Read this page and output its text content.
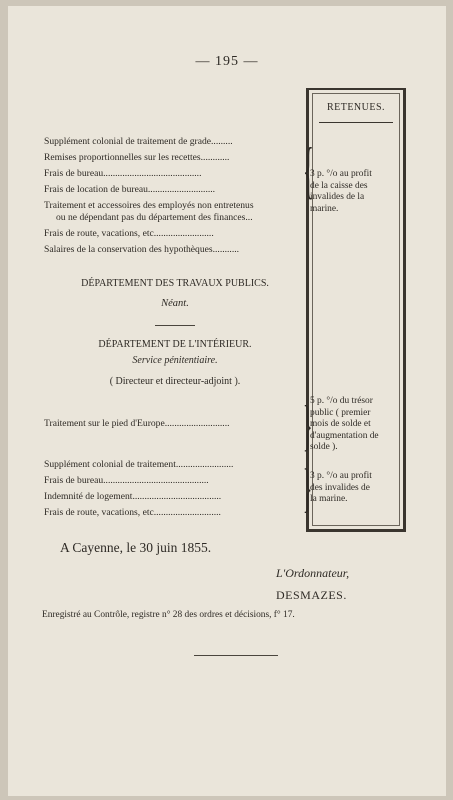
— 195 —
RETENUES.
Supplément colonial de traitement de grade.........
Remises proportionnelles sur les recettes............
Frais de bureau.........................................
Frais de location de bureau............................
Traitement et accessoires des employés non entretenus
ou ne dépendant pas du département des finances...
Frais de route, vacations, etc.........................
Salaires de la conservation des hypothèques...........
{
3 p. °/o au profit
de la caisse des
invalides de la
marine.
DÉPARTEMENT DES TRAVAUX PUBLICS.
Néant.
DÉPARTEMENT DE L'INTÉRIEUR.
Service pénitentiaire.
( Directeur et directeur-adjoint ).
Traitement sur le pied d'Europe...........................	}
5 p. °/o du trésor
public ( premier
mois de solde et
d'augmentation de
solde ).
Supplément colonial de traitement........................
Frais de bureau............................................
Indemnité de logement.....................................
Frais de route, vacations, etc............................	}
3 p. °/o au profit
des invalides de
la marine.
A Cayenne, le 30 juin 1855.
L'Ordonnateur,
DESMAZES.
Enregistré au Contrôle, registre n° 28 des ordres et décisions, f° 17.
